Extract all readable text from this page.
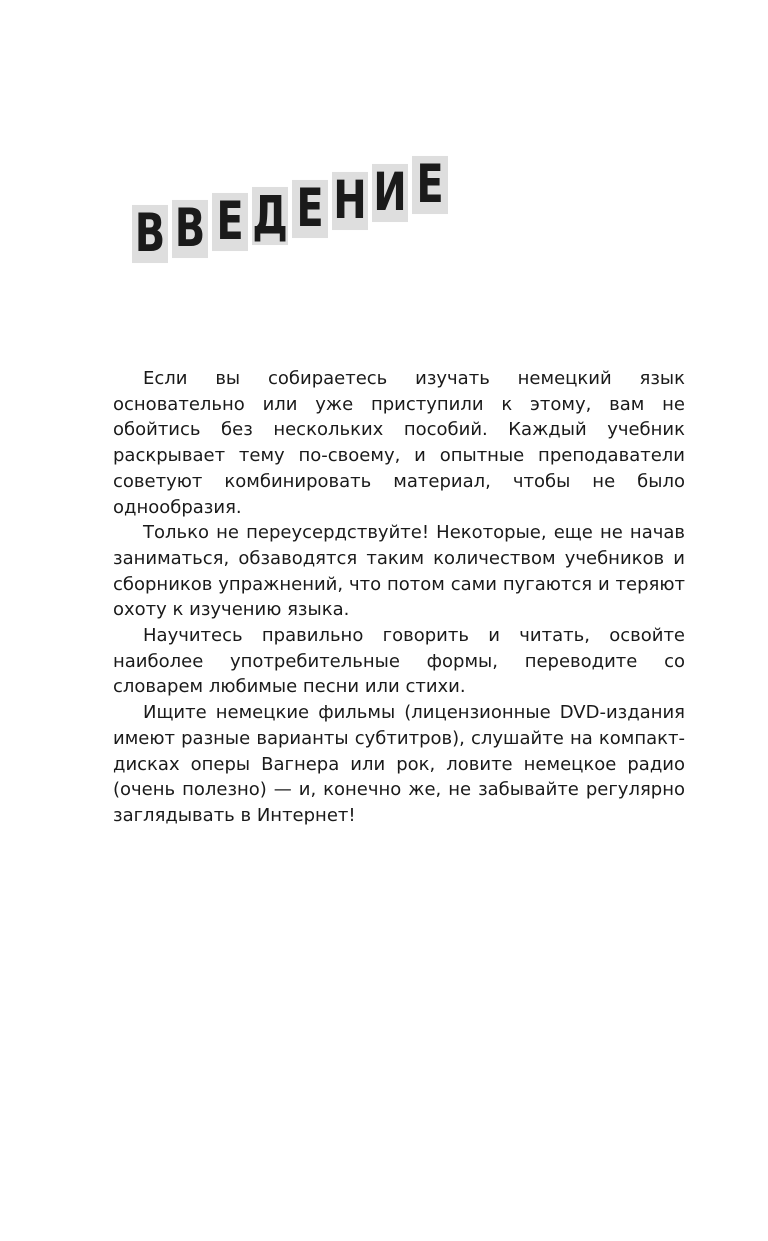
В В Е Д Е Н И Е

Если вы собираетесь изучать немецкий язык основательно или уже приступили к этому, вам не обойтись без нескольких пособий. Каждый учебник раскрывает тему по-своему, и опытные преподаватели советуют комбинировать материал, чтобы не было однообразия.

Только не переусердствуйте! Некоторые, еще не начав заниматься, обзаводятся таким количеством учебников и сборников упражнений, что потом сами пугаются и теряют охоту к изучению языка.

Научитесь правильно говорить и читать, освойте наиболее употребительные формы, переводите со словарем любимые песни или стихи.

Ищите немецкие фильмы (лицензионные DVD-издания имеют разные варианты субтитров), слушайте на компакт-дисках оперы Вагнера или рок, ловите немецкое радио (очень полезно) — и, конечно же, не забывайте регулярно заглядывать в Интернет!
